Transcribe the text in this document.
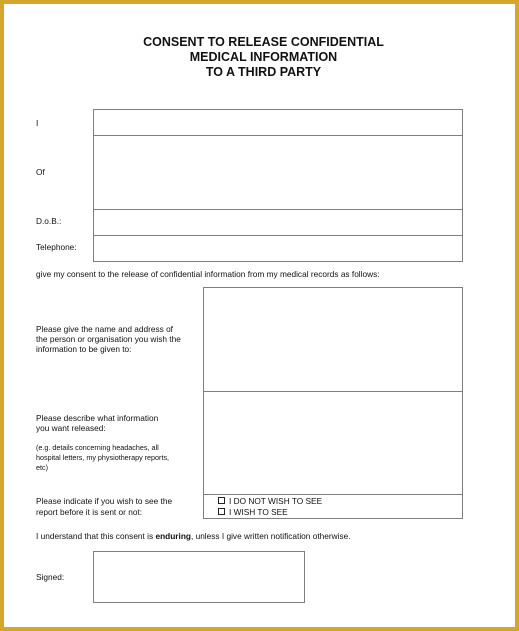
CONSENT TO RELEASE CONFIDENTIAL
MEDICAL INFORMATION
TO A THIRD PARTY
I
Of
D.o.B.:
Telephone:
give my consent to the release of confidential information from my medical records as follows:
Please give the name and address of
the person or organisation you wish the
information to be given to:
Please describe what information
you want released:
(e.g. details concerning headaches, all
hospital letters, my physiotherapy reports,
etc)
Please indicate if you wish to see the
report before it is sent or not:
I DO NOT WISH TO SEE
I WISH TO SEE
I understand that this consent is enduring, unless I give written notification otherwise.
Signed:
